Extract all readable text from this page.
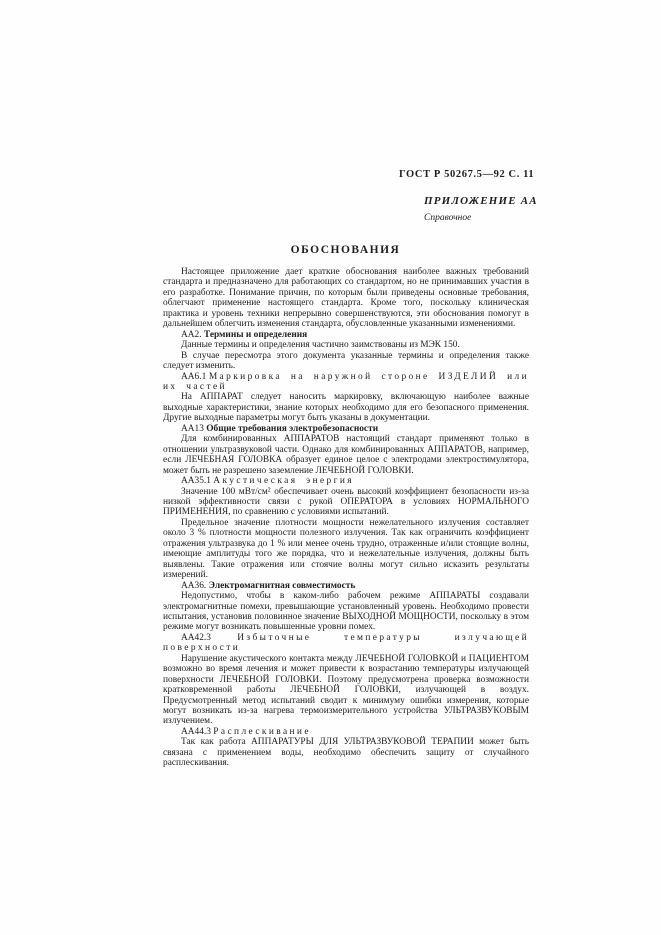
ГОСТ Р 50267.5—92 С. 11
ПРИЛОЖЕНИЕ АА
Справочное
ОБОСНОВАНИЯ

Настоящее приложение дает краткие обоснования наиболее важных требований стандарта и предназначено для работающих со стандартом, но не принимавших участия в его разработке. Понимание причин, по которым были приведены основные требования, облегчают применение настоящего стандарта. Кроме того, поскольку клиническая практика и уровень техники непрерывно совершенствуются, эти обоснования помогут в дальнейшем облегчить изменения стандарта, обусловленные указанными изменениями.

АА2. Термины и определения

Данные термины и определения частично заимствованы из МЭК 150.

В случае пересмотра этого документа указанные термины и определения также следует изменить.

АА6.1 Маркировка на наружной стороне ИЗДЕЛИЙ или их частей

На АППАРАТ следует наносить маркировку, включающую наиболее важные выходные характеристики, знание которых необходимо для его безопасного применения. Другие выходные параметры могут быть указаны в документации.

АА13 Общие требования электробезопасности

Для комбинированных АППАРАТОВ настоящий стандарт применяют только в отношении ультразвуковой части. Однако для комбинированных АППАРАТОВ, например, если ЛЕЧЕБНАЯ ГОЛОВКА образует единое целое с электродами электростимулятора, может быть не разрешено заземление ЛЕЧЕБНОЙ ГОЛОВКИ.

АА35.1 Акустическая энергия

Значение 100 мВт/см² обеспечивает очень высокий коэффициент безопасности из-за низкой эффективности связи с рукой ОПЕРАТОРА в условиях НОРМАЛЬНОГО ПРИМЕНЕНИЯ, по сравнению с условиями испытаний.

Предельное значение плотности мощности нежелательного излучения составляет около 3 % плотности мощности полезного излучения. Так как ограничить коэффициент отражения ультразвука до 1 % или менее очень трудно, отраженные и/или стоящие волны, имеющие амплитуды того же порядка, что и нежелательные излучения, должны быть выявлены. Такие отражения или стоячие волны могут сильно исказить результаты измерений.

АА36. Электромагнитная совместимость

Недопустимо, чтобы в каком-либо рабочем режиме АППАРАТЫ создавали электромагнитные помехи, превышающие установленный уровень. Необходимо провести испытания, установив половинное значение ВЫХОДНОЙ МОЩНОСТИ, поскольку в этом режиме могут возникать повышенные уровни помех.

АА42.3 Избыточные температуры излучающей поверхности

Нарушение акустического контакта между ЛЕЧЕБНОЙ ГОЛОВКОЙ и ПАЦИЕНТОМ возможно во время лечения и может привести к возрастанию температуры излучающей поверхности ЛЕЧЕБНОЙ ГОЛОВКИ. Поэтому предусмотрена проверка возможности кратковременной работы ЛЕЧЕБНОЙ ГОЛОВКИ, излучающей в воздух. Предусмотренный метод испытаний сводит к минимуму ошибки измерения, которые могут возникать из-за нагрева термоизмерительного устройства УЛЬТРАЗВУКОВЫМ излучением.

АА44.3 Расплескивание

Так как работа АППАРАТУРЫ ДЛЯ УЛЬТРАЗВУКОВОЙ ТЕРАПИИ может быть связана с применением воды, необходимо обеспечить защиту от случайного расплескивания.
